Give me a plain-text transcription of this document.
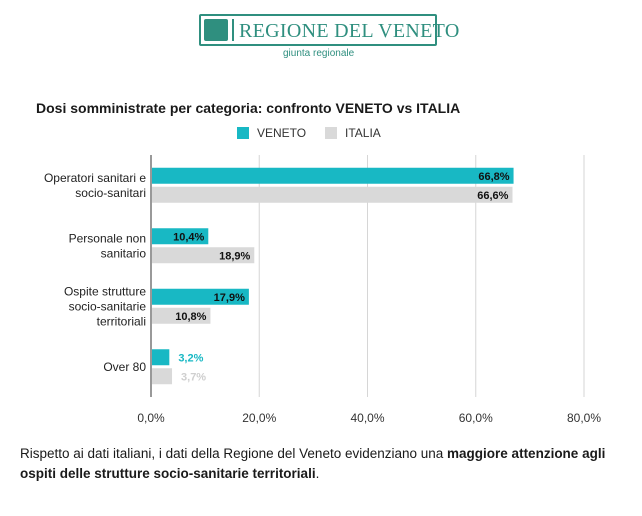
REGIONE DEL VENETO
giunta regionale
Dosi somministrate per categoria: confronto VENETO vs ITALIA
VENETO	ITALIA
0,0%	20,0%	40,0%	60,0%	80,0%
Operatori sanitari e
socio-sanitari
66,8%
66,6%
Personale non
sanitario
10,4%
18,9%
Ospite strutture
socio-sanitarie
territoriali
17,9%
10,8%
Over 80
3,2%
3,7%
Rispetto ai dati italiani, i dati della Regione del Veneto evidenziano una maggiore attenzione agli ospiti delle strutture socio-sanitarie territoriali.
